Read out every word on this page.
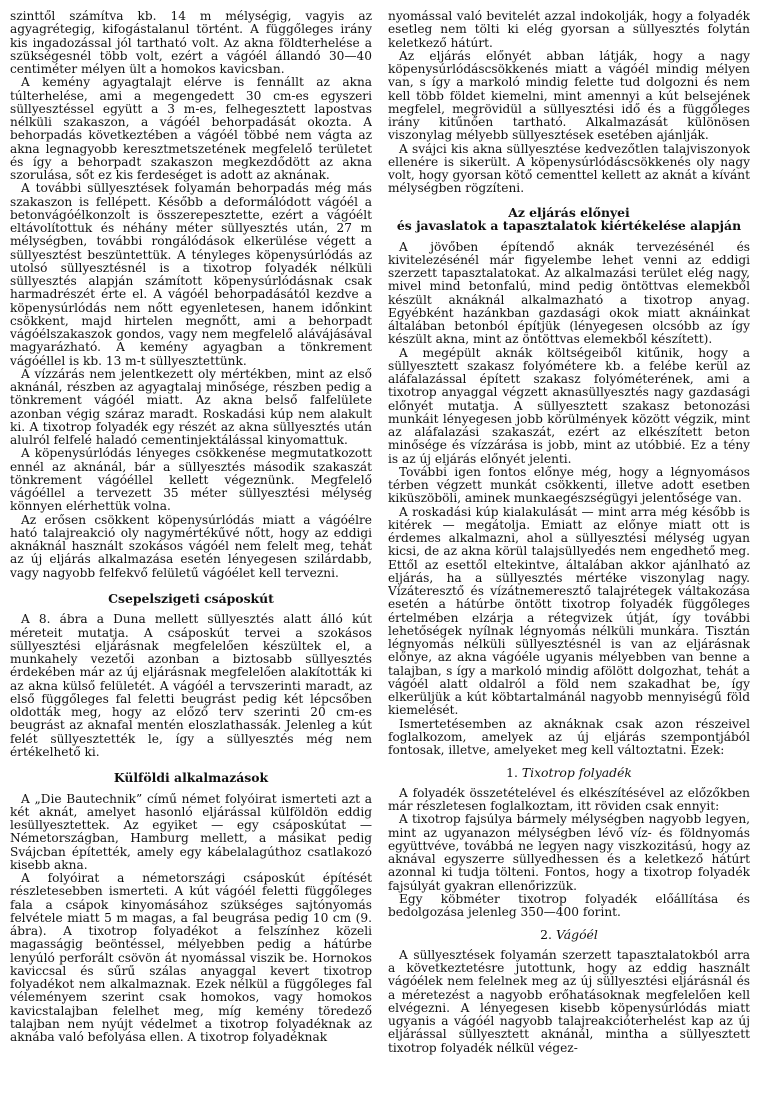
szinttől számítva kb. 14 m mélységig, vagyis az agyagrétegig, kifogástalanul történt. A függőleges irány kis ingadozással jól tartható volt. Az akna földterhelése a szükségesnél több volt, ezért a vágóél állandó 30—40 centiméter mélyen ült a homokos kavicsban.

A kemény agyagtalajt elérve is fennállt az akna túlterhelése, ami a megengedett 30 cm-es egyszeri süllyesztéssel együtt a 3 m-es, felhegesztett lapostvas nélküli szakaszon, a vágóél behorpadását okozta. A behorpadás következtében a vágóél többé nem vágta az akna legnagyobb keresztmetszetének megfelelő területet és így a behorpadt szakaszon megkezdődött az akna szorulása, sőt ez kis ferdeséget is adott az aknának.

A további süllyesztések folyamán behorpadás még más szakaszon is fellépett. Később a deformálódott vágóél a betonvágóélkonzolt is összerepesztette, ezért a vágóélt eltávolítottuk és néhány méter süllyesztés után, 27 m mélységben, további rongálódások elkerülése végett a süllyesztést beszüntettük. A tényleges köpenysúrlódás az utolsó süllyesztésnél is a tixotrop folyadék nélküli süllyesztés alapján számított köpenysúrlódásnak csak harmadrészét érte el. A vágóél behorpadásától kezdve a köpenysúrlódás nem nőtt egyenletesen, hanem időnkint csökkent, majd hirtelen megnőtt, ami a behorpadt vágóélszakaszok gondos, vagy nem megfelelő alávájásával magyarázható. A kemény agyagban a tönkrement vágóéllel is kb. 13 m-t süllyesztettünk.

A vízzárás nem jelentkezett oly mértékben, mint az első aknánál, részben az agyagtalaj minősége, részben pedig a tönkrement vágóél miatt. Az akna belső falfelülete azonban végig száraz maradt. Roskadási kúp nem alakult ki. A tixotrop folyadék egy részét az akna süllyesztés után alulról felfelé haladó cementinjektálással kinyomattuk.

A köpenysúrlódás lényeges csökkenése megmutatkozott ennél az aknánál, bár a süllyesztés második szakaszát tönkrement vágóéllel kellett végeznünk. Megfelelő vágóéllel a tervezett 35 méter süllyesztési mélység könnyen elérhettük volna.

Az erősen csökkent köpenysúrlódás miatt a vágóélre ható talajreakció oly nagymértékűvé nőtt, hogy az eddigi aknáknál használt szokásos vágóél nem felelt meg, tehát az új eljárás alkalmazása esetén lényegesen szilárdabb, vagy nagyobb felfekvő felületű vágóélet kell tervezni.

Csepelszigeti csáposkút

A 8. ábra a Duna mellett süllyesztés alatt álló kút méreteit mutatja. A csáposkút tervei a szokásos süllyesztési eljárásnak megfelelően készültek el, a munkahely vezetői azonban a biztosabb süllyesztés érdekében már az új eljárásnak megfelelően alakították ki az akna külső felületét. A vágóél a tervszerinti maradt, az első függőleges fal feletti beugrást pedig két lépcsőben oldották meg, hogy az előző terv szerinti 20 cm-es beugrást az aknafal mentén eloszlathassák. Jelenleg a kút felét süllyesztették le, így a süllyesztés még nem értékelhető ki.

Külföldi alkalmazások

A „Die Bautechnik” című német folyóirat ismerteti azt a két aknát, amelyet hasonló eljárással külföldön eddig lesüllyesztettek. Az egyiket — egy csáposkútat — Németországban, Hamburg mellett, a másikat pedig Svájcban építették, amely egy kábelalagúthoz csatlakozó kisebb akna.

A folyóirat a németországi csáposkút építését részletesebben ismerteti. A kút vágóél feletti függőleges fala a csápok kinyomásához szükséges sajtónyomás felvétele miatt 5 m magas, a fal beugrása pedig 10 cm (9. ábra). A tixotrop folyadékot a felszínhez közeli magasságig beöntéssel, mélyebben pedig a hátúrbe lenyúló perforált csövön át nyomással viszik be. Hornokos kaviccsal és sűrű szálas anyaggal kevert tixotrop folyadékot nem alkalmaznak. Ezek nélkül a függőleges fal véleményem szerint csak homokos, vagy homokos kavicstalajban felelhet meg, míg kemény töredező talajban nem nyújt védelmet a tixotrop folyadéknak az aknába való befolyása ellen. A tixotrop folyadéknak

nyomással való bevitelét azzal indokolják, hogy a folyadék esetleg nem tölti ki elég gyorsan a süllyesztés folytán keletkező hátúrt.

Az eljárás előnyét abban látják, hogy a nagy köpenysúrlódáscsökkenés miatt a vágóél mindig mélyen van, s így a markoló mindig felette tud dolgozni és nem kell több földet kiemelni, mint amennyi a kút belsejének megfelel, megrövidül a süllyesztési idő és a függőleges irány kitűnően tartható. Alkalmazását különösen viszonylag mélyebb süllyesztések esetében ajánlják.

A svájci kis akna süllyesztése kedvezőtlen talajviszonyok ellenére is sikerült. A köpenysúrlódáscsökkenés oly nagy volt, hogy gyorsan kötő cementtel kellett az aknát a kívánt mélységben rögzíteni.

Az eljárás előnyei
és javaslatok a tapasztalatok kiértékelése alapján

A jövőben építendő aknák tervezésénél és kivitelezésénél már figyelembe lehet venni az eddigi szerzett tapasztalatokat. Az alkalmazási terület elég nagy, mivel mind betonfalú, mind pedig öntöttvas elemekből készült aknáknál alkalmazható a tixotrop anyag. Egyébként hazánkban gazdasági okok miatt aknáinkat általában betonból építjük (lényegesen olcsóbb az így készült akna, mint az öntöttvas elemekből készített).

A megépült aknák költségeiből kitűnik, hogy a süllyesztett szakasz folyóméterе kb. a felébe kerül az aláfalazással épített szakasz folyóméterének, ami a tixotrop anyaggal végzett aknasüllyesztés nagy gazdasági előnyét mutatja. A süllyesztett szakasz betonozási munkáit lényegesen jobb körülmények között végzik, mint az aláfalazási szakaszát, ezért az elkészített beton minősége és vízzárása is jobb, mint az utóbbié. Ez a tény is az új eljárás előnyét jelenti.

További igen fontos előnye még, hogy a légnyomásos térben végzett munkát csökkenti, illetve adott esetben kiküszöböli, aminek munkaegészségügyi jelentősége van.

A roskadási kúp kialakulását — mint arra még később is kitérek — megátolja. Emiatt az előnye miatt ott is érdemes alkalmazni, ahol a süllyesztési mélység ugyan kicsi, de az akna körül talajsüllyedés nem engedhető meg. Ettől az esettől eltekintve, általában akkor ajánlható az eljárás, ha a süllyesztés mértéke viszonylag nagy. Vízáteresztő és vízátnemeresztő talajrétegek váltakozása esetén a hátúrbe öntött tixotrop folyadék függőleges értelmében elzárja a rétegvizek útját, így további lehetőségek nyílnak légnyomás nélküli munkára. Tisztán légnyomás nélküli süllyesztésnél is van az eljárásnak előnye, az akna vágóéle ugyanis mélyebben van benne a talajban, s így a markoló mindig afölött dolgozhat, tehát a vágóél alatt oldalról a föld nem szakadhat be, így elkerüljük a kút köbtartalmánál nagyobb mennyiségű föld kiemelését.

Ismertetésemben az aknáknak csak azon részeivel foglalkozom, amelyek az új eljárás szempontjából fontosak, illetve, amelyeket meg kell változtatni. Ezek:

1. Tixotrop folyadék

A folyadék összetételével és elkészítésével az előzőkben már részletesen foglalkoztam, itt röviden csak ennyit:

A tixotrop fajsúlya bármely mélységben nagyobb legyen, mint az ugyanazon mélységben lévő víz- és földnyomás együttvéve, továbbá ne legyen nagy viszkozitású, hogy az aknával egyszerre süllyedhessen és a keletkező hátúrt azonnal ki tudja tölteni. Fontos, hogy a tixotrop folyadék fajsúlyát gyakran ellenőrizzük.

Egy köbméter tixotrop folyadék előállítása és bedolgozása jelenleg 350—400 forint.

2. Vágóél

A süllyesztések folyamán szerzett tapasztalatokból arra a következtetésre jutottunk, hogy az eddig használt vágóélek nem felelnek meg az új süllyesztési eljárásnál és a méretezést a nagyobb erőhatásoknak megfelelően kell elvégezni. A lényegesen kisebb köpenysúrlódás miatt ugyanis a vágóél nagyobb talajreakcióterhelést kap az új eljárással süllyesztett aknánál, mintha a süllyesztett tixotrop folyadék nélkül végez-
